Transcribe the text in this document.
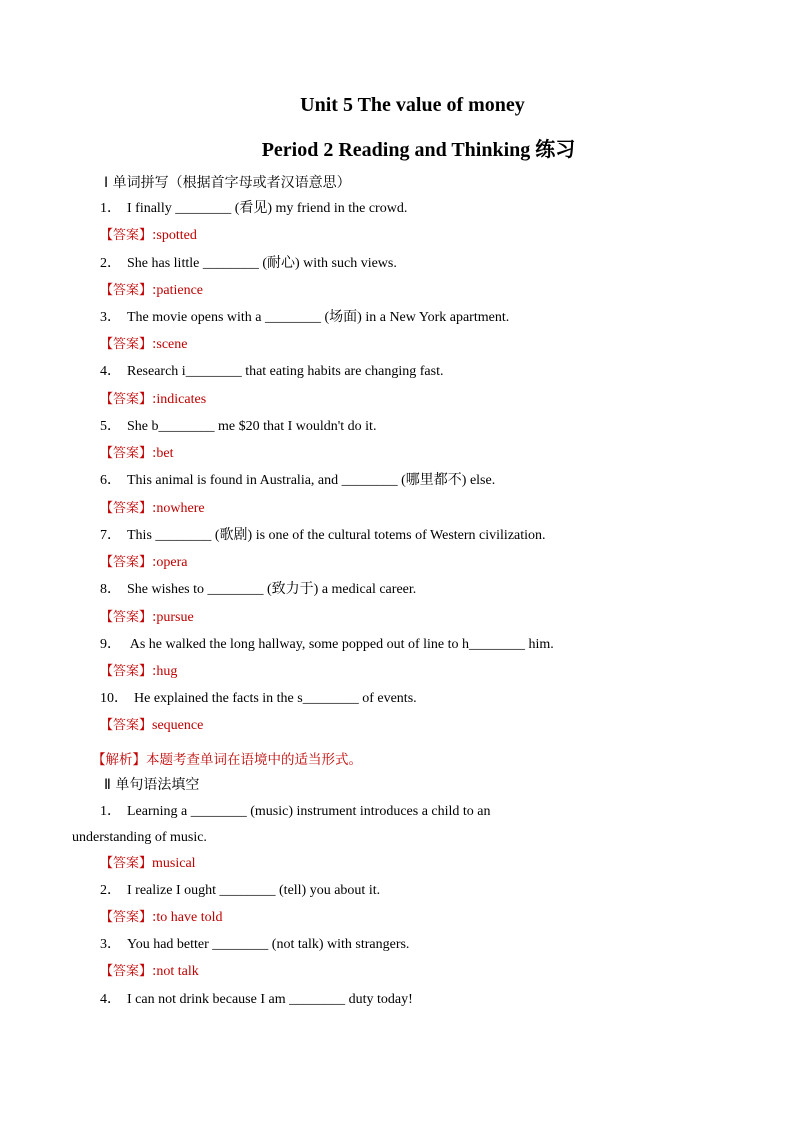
Unit 5 The value of money
Period 2 Reading and Thinking 练习
Ⅰ 单词拼写（根据首字母或者汉语意思）
1． I finally ________ (看见) my friend in the crowd.
【答案】:spotted
2． She has little ________ (耐心) with such views.
【答案】:patience
3． The movie opens with a ________ (场面) in a New York apartment.
【答案】:scene
4． Research i________ that eating habits are changing fast.
【答案】:indicates
5． She b________ me $20 that I wouldn't do it.
【答案】:bet
6． This animal is found in Australia, and ________ (哪里都不) else.
【答案】:nowhere
7． This ________ (歌剧) is one of the cultural totems of Western civilization.
【答案】:opera
8． She wishes to ________ (致力于) a medical career.
【答案】:pursue
9． As he walked the long hallway, some popped out of line to h________ him.
【答案】:hug
10． He explained the facts in the s________ of events.
【答案】sequence
【解析】本题考查单词在语境中的适当形式。
Ⅱ 单句语法填空
1． Learning a ________ (music) instrument introduces a child to an
understanding of music.
【答案】musical
2． I realize I ought ________ (tell) you about it.
【答案】:to have told
3． You had better ________ (not talk) with strangers.
【答案】:not talk
4． I can not drink because I am ________ duty today!
